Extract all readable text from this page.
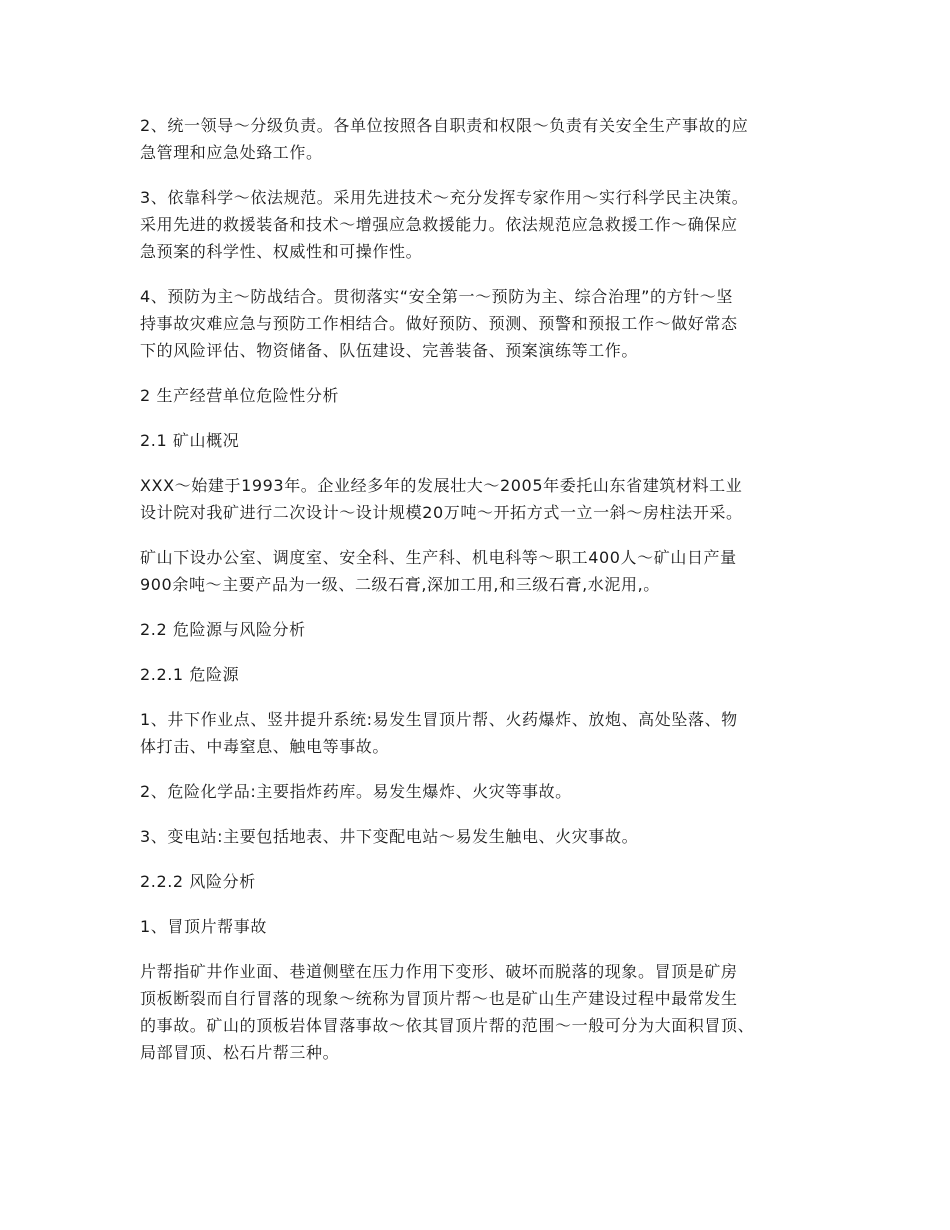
2、统一领导～分级负责。各单位按照各自职责和权限～负责有关安全生产事故的应
急管理和应急处臵工作。
3、依靠科学～依法规范。采用先进技术～充分发挥专家作用～实行科学民主决策。
采用先进的救援装备和技术～增强应急救援能力。依法规范应急救援工作～确保应
急预案的科学性、权威性和可操作性。
4、预防为主～防战结合。贯彻落实“安全第一～预防为主、综合治理”的方针～坚
持事故灾难应急与预防工作相结合。做好预防、预测、预警和预报工作～做好常态
下的风险评估、物资储备、队伍建设、完善装备、预案演练等工作。
2 生产经营单位危险性分析
2.1 矿山概况
XXX～始建于1993年。企业经多年的发展壮大～2005年委托山东省建筑材料工业
设计院对我矿进行二次设计～设计规模20万吨～开拓方式一立一斜～房柱法开采。
矿山下设办公室、调度室、安全科、生产科、机电科等～职工400人～矿山日产量
900余吨～主要产品为一级、二级石膏,深加工用,和三级石膏,水泥用,。
2.2 危险源与风险分析
2.2.1 危险源
1、井下作业点、竖井提升系统:易发生冒顶片帮、火药爆炸、放炮、高处坠落、物
体打击、中毒窒息、触电等事故。
2、危险化学品:主要指炸药库。易发生爆炸、火灾等事故。
3、变电站:主要包括地表、井下变配电站～易发生触电、火灾事故。
2.2.2 风险分析
1、冒顶片帮事故
片帮指矿井作业面、巷道侧壁在压力作用下变形、破坏而脱落的现象。冒顶是矿房
顶板断裂而自行冒落的现象～统称为冒顶片帮～也是矿山生产建设过程中最常发生
的事故。矿山的顶板岩体冒落事故～依其冒顶片帮的范围～一般可分为大面积冒顶、
局部冒顶、松石片帮三种。
